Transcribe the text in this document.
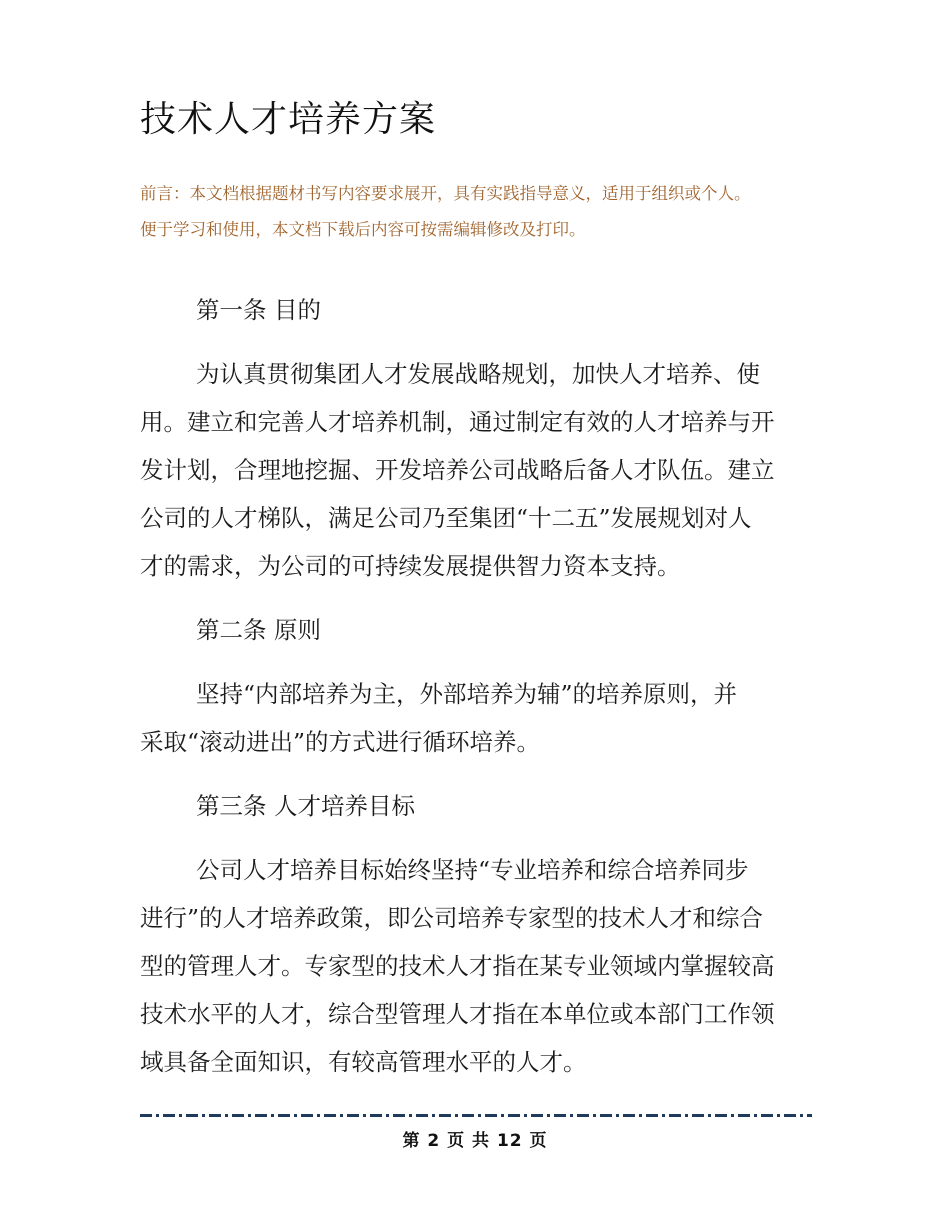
技术人才培养方案
前言：本文档根据题材书写内容要求展开，具有实践指导意义，适用于组织或个人。
便于学习和使用，本文档下载后内容可按需编辑修改及打印。
第一条 目的
为认真贯彻集团人才发展战略规划，加快人才培养、使
用。建立和完善人才培养机制，通过制定有效的人才培养与开
发计划，合理地挖掘、开发培养公司战略后备人才队伍。建立
公司的人才梯队，满足公司乃至集团“十二五”发展规划对人
才的需求，为公司的可持续发展提供智力资本支持。
第二条 原则
坚持“内部培养为主，外部培养为辅”的培养原则，并
采取“滚动进出”的方式进行循环培养。
第三条 人才培养目标
公司人才培养目标始终坚持“专业培养和综合培养同步
进行”的人才培养政策，即公司培养专家型的技术人才和综合
型的管理人才。专家型的技术人才指在某专业领域内掌握较高
技术水平的人才，综合型管理人才指在本单位或本部门工作领
域具备全面知识，有较高管理水平的人才。
第 2 页 共 12 页
